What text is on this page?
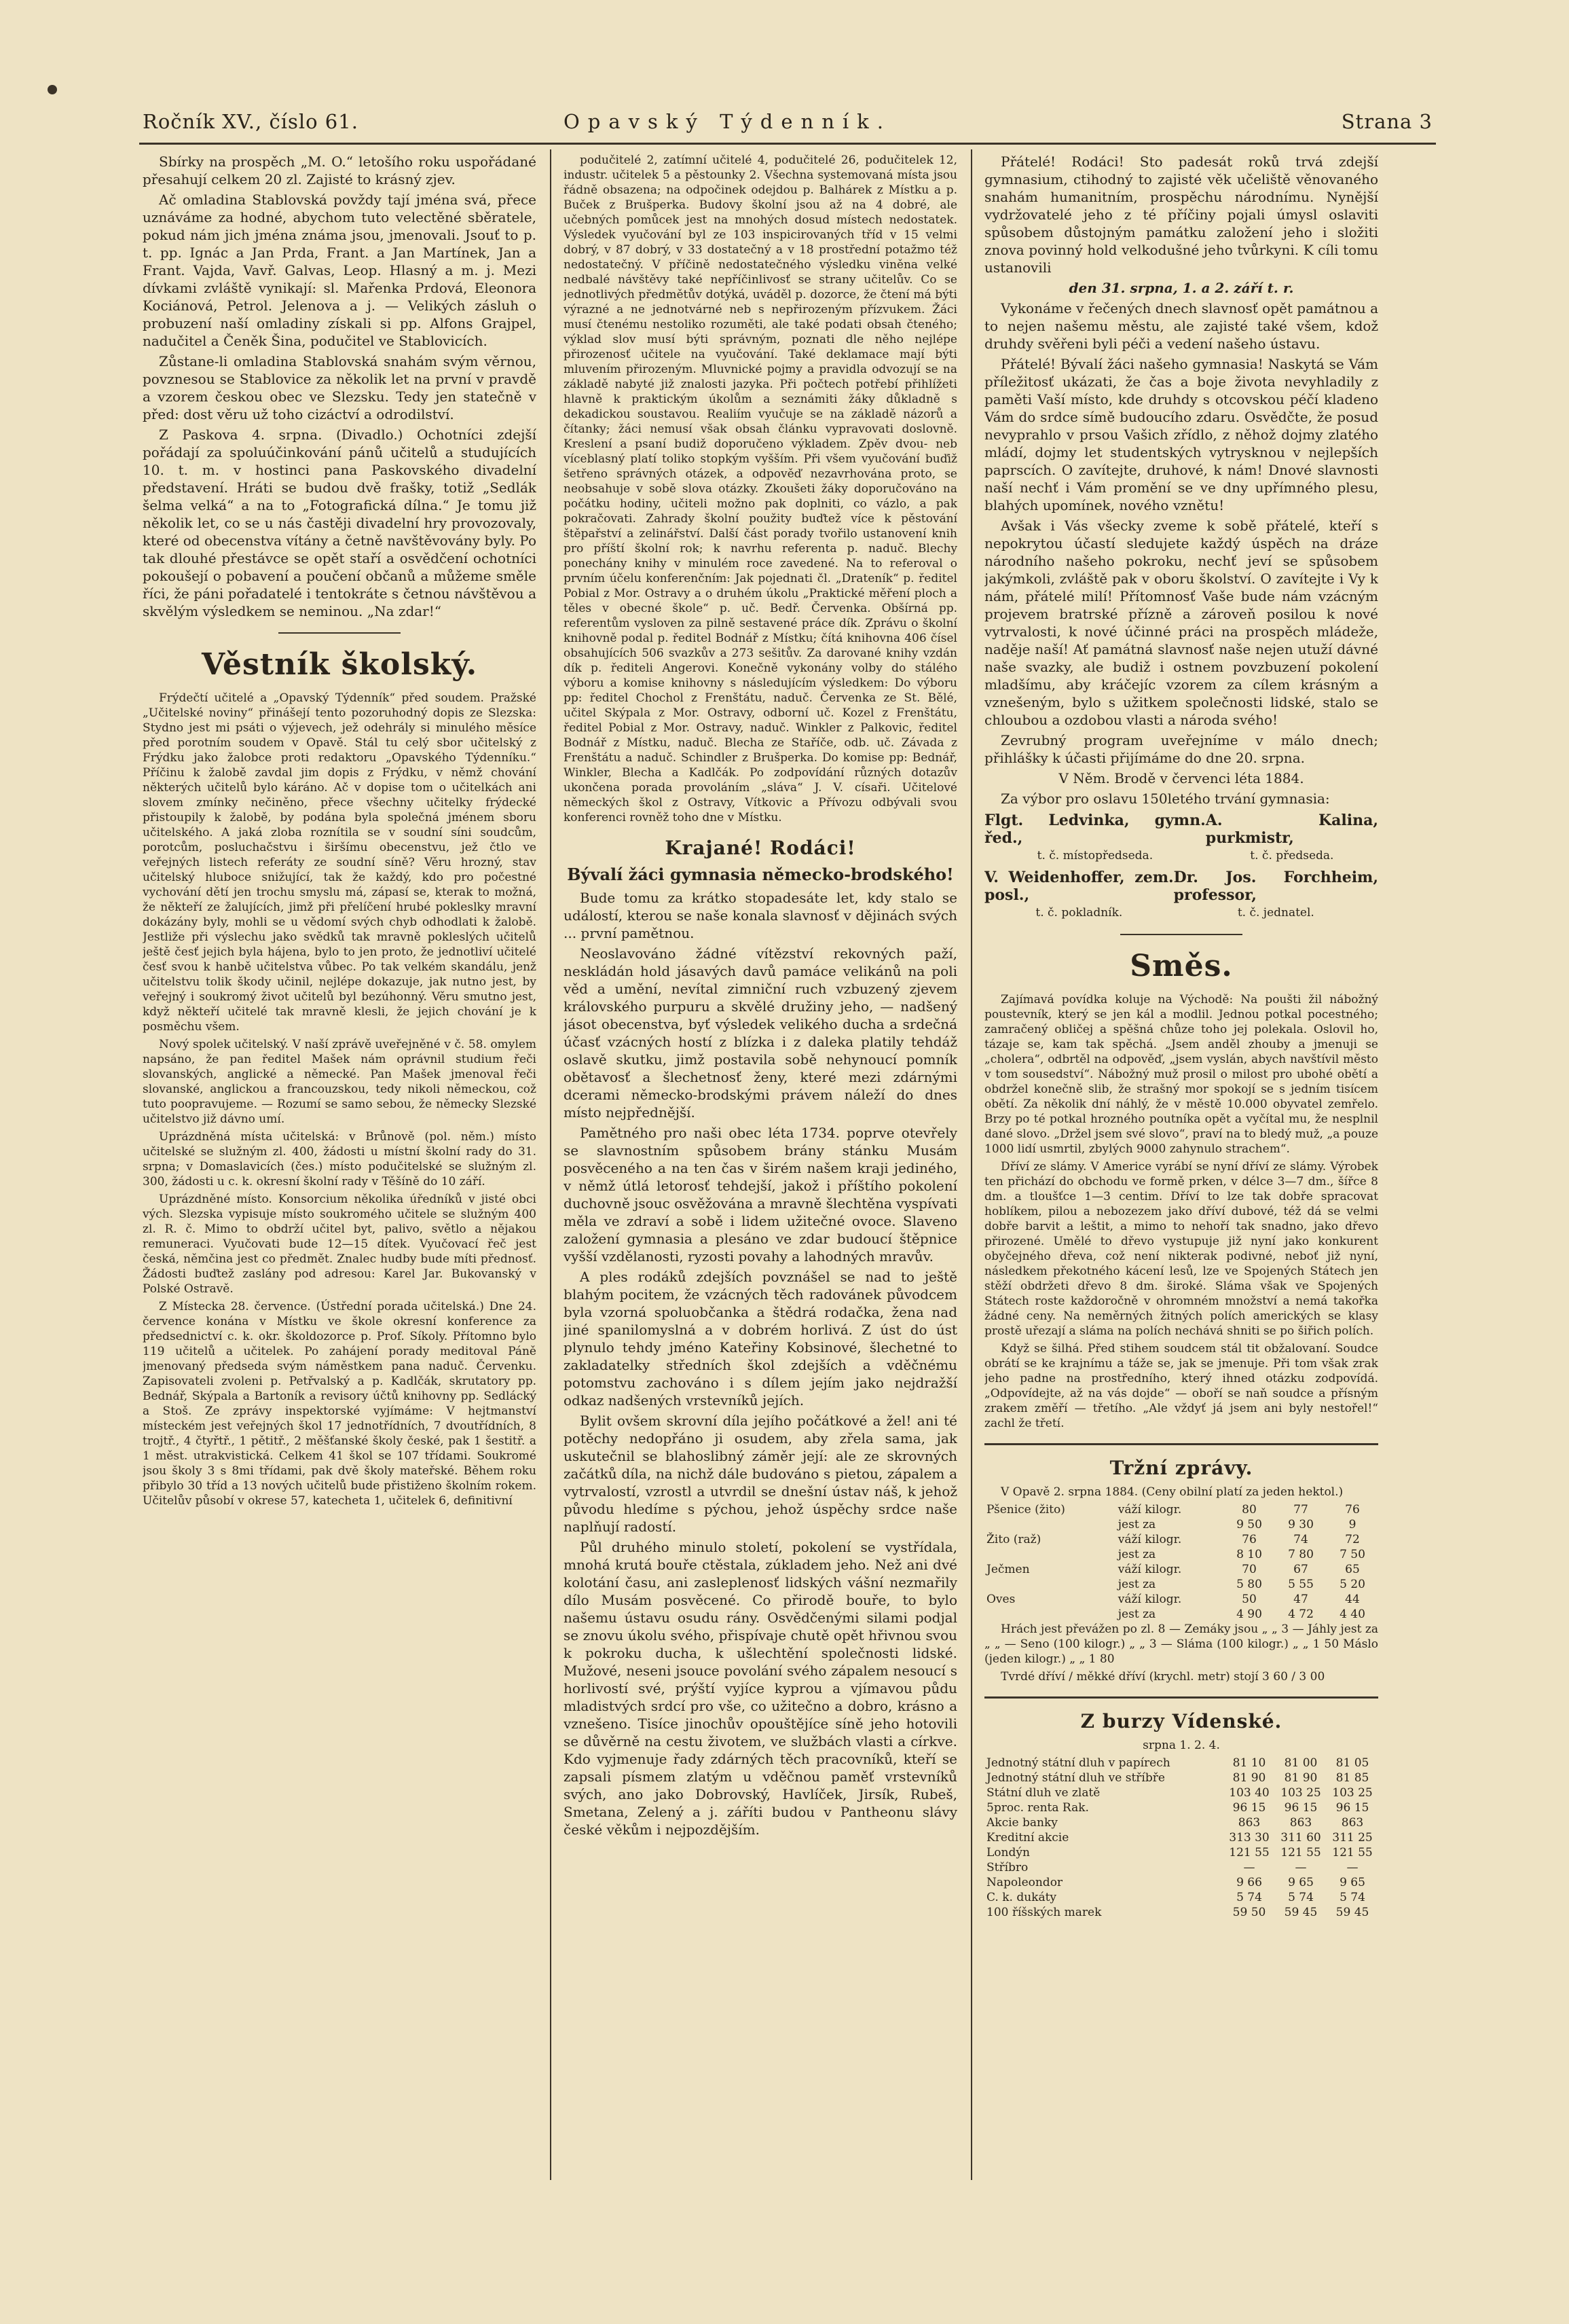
Ročník XV., číslo 61.	Opavský Týdenník.	Strana 3

Sbírky na prospěch „M. O.“ letošího roku uspořádané přesahují celkem 20 zl. Zajisté to krásný zjev.

Ač omladina Stablovská povždy tají jména svá, přece uznáváme za hodné, abychom tuto velectěné sběratele, pokud nám jich jména známa jsou, jmenovali. Jsouť to p. t. pp. Ignác a Jan Prda, Frant. a Jan Martínek, Jan a Frant. Vajda, Vavř. Galvas, Leop. Hlasný a m. j. Mezi dívkami zvláště vynikají: sl. Mařenka Prdová, Eleonora Kociánová, Petrol. Jelenova a j. — Velikých zásluh o probuzení naší omladiny získali si pp. Alfons Grajpel, nadučitel a Čeněk Šina, podučitel ve Stablovicích.

Zůstane-li omladina Stablovská snahám svým věrnou, povznesou se Stablovice za několik let na první v pravdě a vzorem českou obec ve Slezsku. Tedy jen statečně v před: dost věru už toho cizáctví a odrodilství.

Z Paskova 4. srpna. (Divadlo.) Ochotníci zdejší pořádají za spoluúčinkování pánů učitelů a studujících 10. t. m. v hostinci pana Paskovského divadelní představení. Hráti se budou dvě frašky, totiž „Sedlák šelma velká“ a na to „Fotografická dílna.“ Je tomu již několik let, co se u nás častěji divadelní hry provozovaly, které od obecenstva vítány a četně navštěvovány byly. Po tak dlouhé přestávce se opět staří a osvědčení ochotníci pokoušejí o pobavení a poučení občanů a můžeme směle říci, že páni pořadatelé i tentokráte s četnou návštěvou a skvělým výsledkem se neminou. „Na zdar!“

Věstník školský.

Frýdečtí učitelé a „Opavský Týdenník“ před soudem. Pražské „Učitelské noviny“ přinášejí tento pozoruhodný dopis ze Slezska: Stydno jest mi psáti o výjevech, jež odehrály si minulého měsíce před porotním soudem v Opavě. Stál tu celý sbor učitelský z Frýdku jako žalobce proti redaktoru „Opavského Týdenníku.“ Příčinu k žalobě zavdal jim dopis z Frýdku, v němž chování některých učitelů bylo káráno. Ač v dopise tom o učitelkách ani slovem zmínky nečiněno, přece všechny učitelky frýdecké přistoupily k žalobě, by podána byla společná jménem sboru učitelského. A jaká zloba roznítila se v soudní síni soudcům, porotcům, posluchačstvu i širšímu obecenstvu, jež čtlo ve veřejných listech referáty ze soudní síně? Věru hrozný, stav učitelský hluboce snižující, tak že každý, kdo pro počestné vychování dětí jen trochu smyslu má, zápasí se, kterak to možná, že někteří ze žalujících, jimž při přelíčení hrubé pokleslky mravní dokázány byly, mohli se u vědomí svých chyb odhodlati k žalobě. Jestliže při výslechu jako svědků tak mravně pokleslých učitelů ještě česť jejich byla hájena, bylo to jen proto, že jednotliví učitelé česť svou k hanbě učitelstva vůbec. Po tak velkém skandálu, jenž učitelstvu tolik škody učinil, nejlépe dokazuje, jak nutno jest, by veřejný i soukromý život učitelů byl bezúhonný. Věru smutno jest, když někteří učitelé tak mravně klesli, že jejich chování je k posměchu všem.

Nový spolek učitelský. V naší zprávě uveřejněné v č. 58. omylem napsáno, že pan ředitel Mašek nám oprávnil studium řeči slovanských, anglické a německé. Pan Mašek jmenoval řeči slovanské, anglickou a francouzskou, tedy nikoli německou, což tuto poopravujeme. — Rozumí se samo sebou, že německy Slezské učitelstvo již dávno umí.

Uprázdněná místa učitelská: v Brůnově (pol. něm.) místo učitelské se služným zl. 400, žádosti u místní školní rady do 31. srpna; v Domaslavicích (čes.) místo podučitelské se služným zl. 300, žádosti u c. k. okresní školní rady v Těšíně do 10 září.

Uprázdněné místo. Konsorcium několika úředníků v jisté obci vých. Slezska vypisuje místo soukromého učitele se služným 400 zl. R. č. Mimo to obdrží učitel byt, palivo, světlo a nějakou remuneraci. Vyučovati bude 12—15 dítek. Vyučovací řeč jest česká, němčina jest co předmět. Znalec hudby bude míti přednosť. Žádosti buďtež zaslány pod adresou: Karel Jar. Bukovanský v Polské Ostravě.

Z Místecka 28. července. (Ústřední porada učitelská.) Dne 24. července konána v Místku ve škole okresní konference za předsednictví c. k. okr. školdozorce p. Prof. Síkoly. Přítomno bylo 119 učitelů a učitelek. Po zahájení porady meditoval Páně jmenovaný předseda svým náměstkem pana naduč. Červenku. Zapisovateli zvoleni p. Petřvalský a p. Kadlčák, skrutatory pp. Bednář, Skýpala a Bartoník a revisory účtů knihovny pp. Sedlácký a Stoš. Ze zprávy inspektorské vyjímáme: V hejtmanství místeckém jest veřejných škol 17 jednotřídních, 7 dvoutřídních, 8 trojtř., 4 čtyřtř., 1 pětitř., 2 měšťanské školy české, pak 1 šestitř. a 1 měst. utrakvistická. Celkem 41 škol se 107 třídami. Soukromé jsou školy 3 s 8mi třídami, pak dvě školy mateřské. Během roku přibylo 30 tříd a 13 nových učitelů bude přistiženo školním rokem. Učitelův působí v okrese 57, katecheta 1, učitelek 6, definitivní

podučitelé 2, zatímní učitelé 4, podučitelé 26, podučitelek 12, industr. učitelek 5 a pěstounky 2. Všechna systemovaná místa jsou řádně obsazena; na odpočinek odejdou p. Balhárek z Místku a p. Buček z Brušperka. Budovy školní jsou až na 4 dobré, ale učebných pomůcek jest na mnohých dosud místech nedostatek. Výsledek vyučování byl ze 103 inspicirovaných tříd v 15 velmi dobrý, v 87 dobrý, v 33 dostatečný a v 18 prostřední potažmo též nedostatečný. V příčině nedostatečného výsledku viněna velké nedbalé návštěvy také nepříčinlivosť se strany učitelův. Co se jednotlivých předmětův dotýká, uváděl p. dozorce, že čtení má býti výrazné a ne jednotvárné neb s nepřirozeným přízvukem. Žáci musí čtenému nestoliko rozuměti, ale také podati obsah čteného; výklad slov musí býti správným, poznati dle něho nejlépe přirozenosť učitele na vyučování. Také deklamace mají býti mluvením přirozeným. Mluvnické pojmy a pravidla odvozují se na základě nabyté již znalosti jazyka. Při počtech potřebí přihlížeti hlavně k praktickým úkolům a seznámiti žáky důkladně s dekadickou soustavou. Realiím vyučuje se na základě názorů a čítanky; žáci nemusí však obsah článku vypravovati doslovně. Kreslení a psaní budiž doporučeno výkladem. Zpěv dvou- neb víceblasný platí toliko stopkým vyšším. Při všem vyučování buďiž šetřeno správných otázek, a odpověď nezavrhována proto, se neobsahuje v sobě slova otázky. Zkoušeti žáky doporučováno na počátku hodiny, učiteli možno pak doplniti, co vázlo, a pak pokračovati. Zahrady školní použity buďtež více k pěstování štěpařství a zelinářství. Další část porady tvořilo ustanovení knih pro příští školní rok; k navrhu referenta p. naduč. Blechy ponechány knihy v minulém roce zavedené. Na to referoval o prvním účelu konferenčním: Jak pojednati čl. „Drateník“ p. ředitel Pobial z Mor. Ostravy a o druhém úkolu „Praktické měření ploch a těles v obecné škole“ p. uč. Bedř. Červenka. Obšírná pp. referentům vysloven za pilně sestavené práce dík. Zprávu o školní knihovně podal p. ředitel Bodnář z Místku; čítá knihovna 406 čísel obsahujících 506 svazkův a 273 sešitův. Za darované knihy vzdán dík p. řediteli Angerovi. Konečně vykonány volby do stálého výboru a komise knihovny s následujícím výsledkem: Do výboru pp: ředitel Chochol z Frenštátu, naduč. Červenka ze St. Bělé, učitel Skýpala z Mor. Ostravy, odborní uč. Kozel z Frenštátu, ředitel Pobial z Mor. Ostravy, naduč. Winkler z Palkovic, ředitel Bodnář z Místku, naduč. Blecha ze Staříče, odb. uč. Závada z Frenštátu a naduč. Schindler z Brušperka. Do komise pp: Bednář, Winkler, Blecha a Kadlčák. Po zodpovídání různých dotazův ukončena porada provoláním „sláva“ J. V. císaři. Učitelové německých škol z Ostravy, Vítkovic a Přívozu odbývali svou konferenci rovněž toho dne v Místku.

Krajané! Rodáci!
Bývalí žáci gymnasia německo-brodského!

Bude tomu za krátko stopadesáte let, kdy stalo se událostí, kterou se naše konala slavnosť v dějinách svých ... první pamětnou.

Neoslavováno žádné vítězství rekovných paží, neskládán hold jásavých davů pamáce velikánů na poli věd a umění, nevítal zimniční ruch vzbuzený zjevem královského purpuru a skvělé družiny jeho, — nadšený jásot obecenstva, byť výsledek velikého ducha a srdečná účasť vzácných hostí z blízka i z daleka platily tehdáž oslavě skutku, jimž postavila sobě nehynoucí pomník obětavosť a šlechetnosť ženy, které mezi zdárnými dcerami německo-brodskými právem náleží do dnes místo nejpřednější.

Pamětného pro naši obec léta 1734. poprve otevřely se slavnostním spůsobem brány stánku Musám posvěceného a na ten čas v širém našem kraji jediného, v němž útlá letorosť tehdejší, jakož i příštího pokolení duchovně jsouc osvěžována a mravně šlechtěna vyspívati měla ve zdraví a sobě i lidem užitečné ovoce. Slaveno založení gymnasia a plesáno ve zdar budoucí štěpnice vyšší vzdělanosti, ryzosti povahy a lahodných mravův.

A ples rodáků zdejších povznášel se nad to ještě blahým pocitem, že vzácných těch radovánek původcem byla vzorná spoluobčanka a štědrá rodačka, žena nad jiné spanilomyslná a v dobrém horlivá. Z úst do úst plynulo tehdy jméno Kateřiny Kobsinové, šlechetné to zakladatelky středních škol zdejších a vděčnému potomstvu zachováno i s dílem jejím jako nejdražší odkaz nadšených vrstevníků jejích.

Bylit ovšem skrovní díla jejího počátkové a žel! ani té potěchy nedopřáno ji osudem, aby zřela sama, jak uskutečnil se blahoslibný záměr její: ale ze skrovných začátků díla, na nichž dále budováno s pietou, zápalem a vytrvalostí, vzrostl a utvrdil se dnešní ústav náš, k jehož původu hledíme s pýchou, jehož úspěchy srdce naše naplňují radostí.

Půl druhého minulo století, pokolení se vystřídala, mnohá krutá bouře ctěstala, zúkladem jeho. Než ani dvé kolotání času, ani zasleplenosť lidských vášní nezmařily dílo Musám posvěcené. Co přirodě bouře, to bylo našemu ústavu osudu rány. Osvědčenými silami podjal se znovu úkolu svého, přispívaje chutě opět hřivnou svou k pokroku ducha, k ušlechtění společnosti lidské. Mužové, neseni jsouce povolání svého zápalem nesoucí s horlivostí své, prýští vyjíce kyprou a vjímavou půdu mladistvých srdcí pro vše, co užitečno a dobro, krásno a vznešeno. Tisíce jinochův opouštějíce síně jeho hotovili se důvěrně na cestu životem, ve službách vlasti a církve. Kdo vyjmenuje řady zdárných těch pracovníků, kteří se zapsali písmem zlatým u vděčnou paměť vrstevníků svých, ano jako Dobrovský, Havlíček, Jirsík, Rubeš, Smetana, Zelený a j. záříti budou v Pantheonu slávy české věkům i nejpozdějším.

Přátelé! Rodáci! Sto padesát roků trvá zdejší gymnasium, ctihodný to zajisté věk učeliště věnovaného snahám humanitním, prospěchu národnímu. Nynější vydržovatelé jeho z té příčiny pojali úmysl oslaviti spůsobem důstojným památku založení jeho i složiti znova povinný hold velkodušné jeho tvůrkyni. K cíli tomu ustanovili

den 31. srpna, 1. a 2. září t. r.

Vykonáme v řečených dnech slavnosť opět památnou a to nejen našemu městu, ale zajisté také všem, kdož druhdy svěřeni byli péči a vedení našeho ústavu.

Přátelé! Bývalí žáci našeho gymnasia! Naskytá se Vám příležitosť ukázati, že čas a boje života nevyhladily z paměti Vaší místo, kde druhdy s otcovskou péčí kladeno Vám do srdce símě budoucího zdaru. Osvědčte, že posud nevyprahlo v prsou Vašich zřídlo, z něhož dojmy zlatého mládí, dojmy let studentských vytrysknou v nejlepších paprscích. O zavítejte, druhové, k nám! Dnové slavnosti naší nechť i Vám promění se ve dny upřímného plesu, blahých upomínek, nového vznětu!

Avšak i Vás všecky zveme k sobě přátelé, kteří s nepokrytou účastí sledujete každý úspěch na dráze národního našeho pokroku, nechť jeví se spůsobem jakýmkoli, zvláště pak v oboru školství. O zavítejte i Vy k nám, přátelé milí! Přítomnosť Vaše bude nám vzácným projevem bratrské přízně a zároveň posilou k nové vytrvalosti, k nové účinné práci na prospěch mládeže, naděje naší! Ať památná slavnosť naše nejen utuží dávné naše svazky, ale budiž i ostnem povzbuzení pokolení mladšímu, aby kráčejíc vzorem za cílem krásným a vznešeným, bylo s užitkem společnosti lidské, stalo se chloubou a ozdobou vlasti a národa svého!

Zevrubný program uveřejníme v málo dnech; přihlášky k účasti přijímáme do dne 20. srpna.

V Něm. Brodě v červenci léta 1884.

Za výbor pro oslavu 150letého trvání gymnasia:

Flgt. Ledvinka, gymn. řed.,
t. č. místopředseda.
A. Kalina, purkmistr,
t. č. předseda.
V. Weidenhoffer, zem. posl.,
t. č. pokladník.
Dr. Jos. Forchheim, professor,
t. č. jednatel.
Směs.

Zajímavá povídka koluje na Východě: Na poušti žil nábožný poustevník, který se jen kál a modlil. Jednou potkal pocestného; zamračený obličej a spěšná chůze toho jej polekala. Oslovil ho, tázaje se, kam tak spěchá. „Jsem anděl zhouby a jmenuji se „cholera“, odbrtěl na odpověď, „jsem vyslán, abych navštívil město v tom sousedství“. Nábožný muž prosil o milost pro ubohé obětí a obdržel konečně slib, že strašný mor spokojí se s jedním tisícem obětí. Za několik dní náhlý, že v městě 10.000 obyvatel zemřelo. Brzy po té potkal hrozného poutníka opět a vyčítal mu, že nesplnil dané slovo. „Držel jsem své slovo“, praví na to bledý muž, „a pouze 1000 lidí usmrtil, zbylých 9000 zahynulo strachem“.

Dříví ze slámy. V Americe vyrábí se nyní dříví ze slámy. Výrobek ten přichází do obchodu ve formě prken, v délce 3—7 dm., šířce 8 dm. a tloušťce 1—3 centim. Dříví to lze tak dobře spracovat hoblíkem, pilou a nebozezem jako dříví dubové, též dá se velmi dobře barvit a leštit, a mimo to nehoří tak snadno, jako dřevo přirozené. Umělé to dřevo vystupuje již nyní jako konkurent obyčejného dřeva, což není nikterak podivné, neboť již nyní, následkem překotného kácení lesů, lze ve Spojených Státech jen stěží obdržeti dřevo 8 dm. široké. Sláma však ve Spojených Státech roste každoročně v ohromném množství a nemá takořka žádné ceny. Na neměrných žitných polích amerických se klasy prostě uřezají a sláma na polích nechává shniti se po šiřich polích.

Když se šilhá. Před stihem soudcem stál tit obžalovaní. Soudce obrátí se ke krajnímu a táže se, jak se jmenuje. Při tom však zrak jeho padne na prostředního, který ihned otázku zodpovídá. „Odpovídejte, až na vás dojde“ — oboří se naň soudce a přísným zrakem změří — třetího. „Ale vždyť já jsem ani byly nestořel!“ zachl že třetí.

Tržní zprávy.

V Opavě 2. srpna 1884. (Ceny obilní platí za jeden hektol.)

Pšenice (žito)	váží kilogr.	80	77	76
	jest za	9 50	9 30	9
Žito (raž)	váží kilogr.	76	74	72
	jest za	8 10	7 80	7 50
Ječmen	váží kilogr.	70	67	65
	jest za	5 80	5 55	5 20
Oves	váží kilogr.	50	47	44
	jest za	4 90	4 72	4 40

Hrách jest převážen po zl. 8 — Zemáky jsou „ „ 3 — Jáhly jest za „ „ — Seno (100 kilogr.) „ „ 3 — Sláma (100 kilogr.) „ „ 1 50 Máslo (jeden kilogr.) „ „ 1 80

Tvrdé dříví / měkké dříví (krychl. metr) stojí 3 60 / 3 00

Z burzy Vídenské.

srpna 1. 2. 4.

Jednotný státní dluh v papírech	81 10	81 00	81 05
Jednotný státní dluh ve stříbře	81 90	81 90	81 85
Státní dluh ve zlatě	103 40	103 25	103 25
5proc. renta Rak.	96 15	96 15	96 15
Akcie banky	863	863	863
Kreditní akcie	313 30	311 60	311 25
Londýn	121 55	121 55	121 55
Stříbro	—	—	—
Napoleondor	9 66	9 65	9 65
C. k. dukáty	5 74	5 74	5 74
100 říšských marek	59 50	59 45	59 45
